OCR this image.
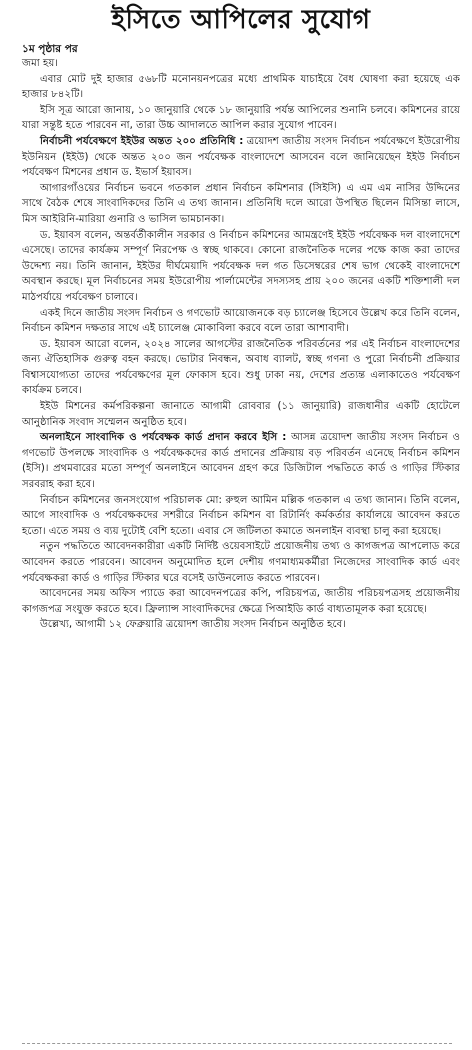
ইসিতে আপিলের সুযোগ

১ম পৃষ্ঠার পর

জমা হয়।

এবার মোট দুই হাজার ৫৬৮টি মনোনয়নপত্রের মধ্যে প্রাথমিক যাচাইয়ে বৈধ ঘোষণা করা হয়েছে এক হাজার ৮৪২টি।

ইসি সূত্র আরো জানায়, ১০ জানুয়ারি থেকে ১৮ জানুয়ারি পর্যন্ত আপিলের শুনানি চলবে। কমিশনের রায়ে যারা সন্তুষ্ট হতে পারবেন না, তারা উচ্চ আদালতে আপিল করার সুযোগ পাবেন।

নির্বাচনী পর্যবেক্ষণে ইইউর অন্তত ২০০ প্রতিনিধি : ত্রয়োদশ জাতীয় সংসদ নির্বাচন পর্যবেক্ষণে ইউরোপীয় ইউনিয়ন (ইইউ) থেকে অন্তত ২০০ জন পর্যবেক্ষক বাংলাদেশে আসবেন বলে জানিয়েছেন ইইউ নির্বাচন পর্যবেক্ষণ মিশনের প্রধান ড. ইভার্স ইয়াবস।

আগারগাঁওয়ের নির্বাচন ভবনে গতকাল প্রধান নির্বাচন কমিশনার (সিইসি) এ এম এম নাসির উদ্দিনের সাথে বৈঠক শেষে সাংবাদিকদের তিনি এ তথ্য জানান। প্রতিনিধি দলে আরো উপস্থিত ছিলেন মিসিন্তা লাসে, মিস আইরিনি-মারিয়া গুনারি ও ভাসিল ভামচানকা।

ড. ইয়াবস বলেন, অন্তর্বর্তীকালীন সরকার ও নির্বাচন কমিশনের আমন্ত্রণেই ইইউ পর্যবেক্ষক দল বাংলাদেশে এসেছে। তাদের কার্যক্রম সম্পূর্ণ নিরপেক্ষ ও স্বচ্ছ থাকবে। কোনো রাজনৈতিক দলের পক্ষে কাজ করা তাদের উদ্দেশ্য নয়। তিনি জানান, ইইউর দীর্ঘমেয়াদি পর্যবেক্ষক দল গত ডিসেম্বরের শেষ ভাগ থেকেই বাংলাদেশে অবস্থান করছে। মূল নির্বাচনের সময় ইউরোপীয় পার্লামেন্টের সদস্যসহ প্রায় ২০০ জনের একটি শক্তিশালী দল মাঠপর্যায়ে পর্যবেক্ষণ চালাবে।

একই দিনে জাতীয় সংসদ নির্বাচন ও গণভোট আয়োজনকে বড় চ্যালেঞ্জ হিসেবে উল্লেখ করে তিনি বলেন, নির্বাচন কমিশন দক্ষতার সাথে এই চ্যালেঞ্জ মোকাবিলা করবে বলে তারা আশাবাদী।

ড. ইয়াবস আরো বলেন, ২০২৪ সালের আগস্টের রাজনৈতিক পরিবর্তনের পর এই নির্বাচন বাংলাদেশের জন্য ঐতিহাসিক গুরুত্ব বহন করছে। ভোটার নিবন্ধন, অবাধ ব্যালট, স্বচ্ছ গণনা ও পুরো নির্বাচনী প্রক্রিয়ার বিশ্বাসযোগ্যতা তাদের পর্যবেক্ষণের মূল ফোকাস হবে। শুধু ঢাকা নয়, দেশের প্রত্যন্ত এলাকাতেও পর্যবেক্ষণ কার্যক্রম চলবে।

ইইউ মিশনের কর্মপরিকল্পনা জানাতে আগামী রোববার (১১ জানুয়ারি) রাজধানীর একটি হোটেলে আনুষ্ঠানিক সংবাদ সম্মেলন অনুষ্ঠিত হবে।

অনলাইনে সাংবাদিক ও পর্যবেক্ষক কার্ড প্রদান করবে ইসি : আসন্ন ত্রয়োদশ জাতীয় সংসদ নির্বাচন ও গণভোট উপলক্ষে সাংবাদিক ও পর্যবেক্ষকদের কার্ড প্রদানের প্রক্রিয়ায় বড় পরিবর্তন এনেছে নির্বাচন কমিশন (ইসি)। প্রথমবারের মতো সম্পূর্ণ অনলাইনে আবেদন গ্রহণ করে ডিজিটাল পদ্ধতিতে কার্ড ও গাড়ির স্টিকার সরবরাহ করা হবে।

নির্বাচন কমিশনের জনসংযোগ পরিচালক মো: রুহুল আমিন মল্লিক গতকাল এ তথ্য জানান। তিনি বলেন, আগে সাংবাদিক ও পর্যবেক্ষকদের সশরীরে নির্বাচন কমিশন বা রিটার্নিং কর্মকর্তার কার্যালয়ে আবেদন করতে হতো। এতে সময় ও ব্যয় দুটোই বেশি হতো। এবার সে জটিলতা কমাতে অনলাইন ব্যবস্থা চালু করা হয়েছে।

নতুন পদ্ধতিতে আবেদনকারীরা একটি নির্দিষ্ট ওয়েবসাইটে প্রয়োজনীয় তথ্য ও কাগজপত্র আপলোড করে আবেদন করতে পারবেন। আবেদন অনুমোদিত হলে দেশীয় গণমাধ্যমকর্মীরা নিজেদের সাংবাদিক কার্ড এবং পর্যবেক্ষকরা কার্ড ও গাড়ির স্টিকার ঘরে বসেই ডাউনলোড করতে পারবেন।

আবেদনের সময় অফিস প্যাডে করা আবেদনপত্রের কপি, পরিচয়পত্র, জাতীয় পরিচয়পত্রসহ প্রয়োজনীয় কাগজপত্র সংযুক্ত করতে হবে। ফ্রিল্যান্স সাংবাদিকদের ক্ষেত্রে পিআইডি কার্ড বাধ্যতামূলক করা হয়েছে।

উল্লেখ্য, আগামী ১২ ফেব্রুয়ারি ত্রয়োদশ জাতীয় সংসদ নির্বাচন অনুষ্ঠিত হবে।
